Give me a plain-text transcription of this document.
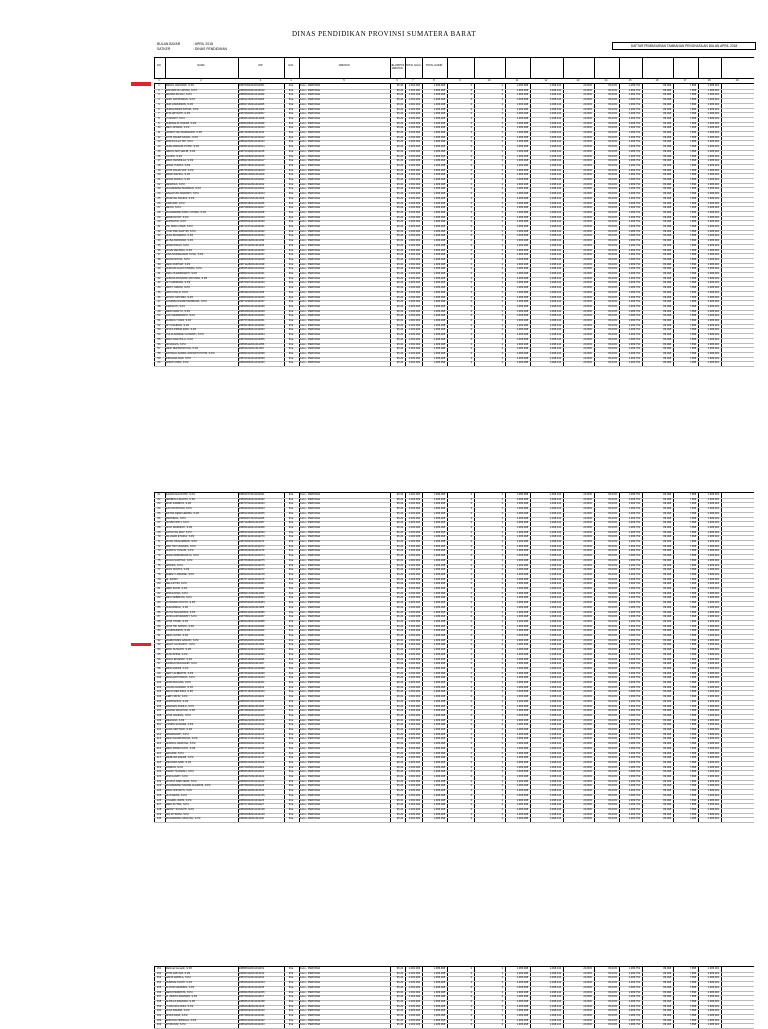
DINAS PENDIDIKAN PROVINSI SUMATERA BARAT
BULAN BAYAR	: APRIL 2018
SATKER	: DINAS PENDIDIKAN
DAFTAR PEMBAYARAN TAMBAHAN PENGHASILAN BULAN APRIL 2018
NO	NAMA	NIP	GOL	JABATAN	KELOMPOK JABATAN
TOTAL NILAI	TOTAL HADIR
1	2	3	4	5	6	7	8	9	10	11	12	13	14	15	16	17	18	19
1	RIDHO HAFFINDI, S.Pd	198703042010011001	III/a	Guru - PERTAMA	95,40	1.000.000	1.386.998	0	0	1.386.998	1.098.134	20,00%	80,10%	1.386.751	89.098	7.858	1.386.901
2	RAFIDATUL HASNA, S.Pd	198904032011012012	III/a	Guru - PERTAMA	95,40	1.000.000	1.386.998	0	0	1.386.998	1.098.134	20,00%	80,10%	1.386.751	89.098	7.858	1.386.901
3	WANDA ROOLY, S.Pd	198806202011011003	III/a	Guru - PERTAMA	95,40	1.000.000	1.386.998	0	0	1.386.998	1.098.134	20,00%	80,10%	1.386.751	89.098	7.858	1.386.901
4	ANDI SATRIAWAN, S.Pd	198812102011011004	III/a	Guru - PERTAMA	95,40	1.000.000	1.386.998	0	0	1.386.998	1.098.134	20,00%	80,10%	1.386.751	89.098	7.858	1.386.901
5	NUR ASMUDDIN, S.Pd	198607152011011005	III/a	Guru - PERTAMA	95,40	1.000.000	1.386.998	0	0	1.386.998	1.098.134	20,00%	80,10%	1.386.751	89.098	7.858	1.386.901
6	NURHANDINI FATMA, S.Pd	198902112011012006	III/a	Guru - PERTAMA	95,40	1.000.000	1.386.998	0	0	1.386.998	1.098.134	20,00%	80,10%	1.386.751	89.098	7.858	1.386.901
7	RITA ARYANTI, S.Pd	198705202011012007	III/a	Guru - PERTAMA	95,40	1.000.000	1.386.998	0	0	1.386.998	1.098.134	20,00%	80,10%	1.386.751	89.098	7.858	1.386.901
8	YUSNIATI, S.Pd	198601102011012008	III/a	Guru - PERTAMA	95,40	1.000.000	1.386.998	0	0	1.386.998	1.098.134	20,00%	80,10%	1.386.751	89.098	7.858	1.386.901
9	NURWALIS OSKAR, S.Pd	198803082011011009	III/a	Guru - PERTAMA	95,40	1.000.000	1.386.998	0	0	1.386.998	1.098.134	20,00%	80,10%	1.386.751	89.098	7.858	1.386.901
10	DECI APRIDA, S.Pd	198904212011012010	III/a	Guru - PERTAMA	95,40	1.000.000	1.386.998	0	0	1.386.998	1.098.134	20,00%	80,10%	1.386.751	89.098	7.858	1.386.901
11	UMMAYYAH RAMADANI, S.Pd	198711052011012011	III/a	Guru - PERTAMA	95,40	1.000.000	1.386.998	0	0	1.386.998	1.098.134	20,00%	80,10%	1.386.751	89.098	7.858	1.386.901
12	FITRI RAHMI FAIZAL, S.Pd	198608172011012012	III/a	Guru - PERTAMA	95,40	1.000.000	1.386.998	0	0	1.386.998	1.098.134	20,00%	80,10%	1.386.751	89.098	7.858	1.386.901
13	RISKA LILLA TRI, S.Pd	198812252011012013	III/a	Guru - PERTAMA	95,40	1.000.000	1.386.998	0	0	1.386.998	1.098.134	20,00%	80,10%	1.386.751	89.098	7.858	1.386.901
14	NURLIANDARI PUTRI, S.Pd	198906142011012014	III/a	Guru - PERTAMA	95,40	1.000.000	1.386.998	0	0	1.386.998	1.098.134	20,00%	80,10%	1.386.751	89.098	7.858	1.386.901
15	ABDUL MUTHALIB, S.Pd	198703192011011015	III/a	Guru - PERTAMA	95,40	1.000.000	1.386.998	0	0	1.386.998	1.098.134	20,00%	80,10%	1.386.751	89.098	7.858	1.386.901
16	TAUFIK, S.Pd	198610082011011016	III/a	Guru - PERTAMA	95,40	1.000.000	1.386.998	0	0	1.386.998	1.098.134	20,00%	80,10%	1.386.751	89.098	7.858	1.386.901
17	MIRA ISANDILLA, S.Pd	198802162011012017	III/a	Guru - PERTAMA	95,40	1.000.000	1.386.998	0	0	1.386.998	1.098.134	20,00%	80,10%	1.386.751	89.098	7.858	1.386.901
18	WIDIA YUNITA, S.Pd	198907282011012018	III/a	Guru - PERTAMA	95,40	1.000.000	1.386.998	0	0	1.386.998	1.098.134	20,00%	80,10%	1.386.751	89.098	7.858	1.386.901
19	FITRI RAHAYUNI, S.Pd	198705302011012019	III/a	Guru - PERTAMA	95,40	1.000.000	1.386.998	0	0	1.386.998	1.098.134	20,00%	80,10%	1.386.751	89.098	7.858	1.386.901
20	RINDI RAFIKA, S.Pd	198601152011012020	III/a	Guru - PERTAMA	95,40	1.000.000	1.386.998	0	0	1.386.998	1.098.134	20,00%	80,10%	1.386.751	89.098	7.858	1.386.901
21	WIDIA FADILA, S.Pd	198809042011012021	III/a	Guru - PERTAMA	95,40	1.000.000	1.386.998	0	0	1.386.998	1.098.134	20,00%	80,10%	1.386.751	89.098	7.858	1.386.901
22	DESRICA, S.Pd	198910112011012022	III/a	Guru - PERTAMA	95,40	1.000.000	1.386.998	0	0	1.386.998	1.098.134	20,00%	80,10%	1.386.751	89.098	7.858	1.386.901
23	MUHAMMAD MARWAN, S.Pd	198702222011011023	III/a	Guru - PERTAMA	95,40	1.000.000	1.386.998	0	0	1.386.998	1.098.134	20,00%	80,10%	1.386.751	89.098	7.858	1.386.901
24	RAHAYUNI ANWARTI, S.Pd	198606262011012024	III/a	Guru - PERTAMA	95,40	1.000.000	1.386.998	0	0	1.386.998	1.098.134	20,00%	80,10%	1.386.751	89.098	7.858	1.386.901
25	MAISYAH RAUDA, S.Pd	198811072011012025	III/a	Guru - PERTAMA	95,40	1.000.000	1.386.998	0	0	1.386.998	1.098.134	20,00%	80,10%	1.386.751	89.098	7.858	1.386.901
26	ASRANDI, S.Pd	198904182011011026	III/a	Guru - PERTAMA	95,40	1.000.000	1.386.998	0	0	1.386.998	1.098.134	20,00%	80,10%	1.386.751	89.098	7.858	1.386.901
27	DEVIA, S.Pd	198708092011012027	III/a	Guru - PERTAMA	95,40	1.000.000	1.386.998	0	0	1.386.998	1.098.134	20,00%	80,10%	1.386.751	89.098	7.858	1.386.901
28	MUHAMMAD FADLI UTAMA, S.Pd	198603132011011028	III/a	Guru - PERTAMA	95,40	1.000.000	1.386.998	0	0	1.386.998	1.098.134	20,00%	80,10%	1.386.751	89.098	7.858	1.386.901
29	ERMIANI NIT, S.Pd	198812012011012029	III/a	Guru - PERTAMA	95,40	1.000.000	1.386.998	0	0	1.386.998	1.098.134	20,00%	80,10%	1.386.751	89.098	7.858	1.386.901
30	SUPRATIN, S.Pd	198905242011012030	III/a	Guru - PERTAMA	95,40	1.000.000	1.386.998	0	0	1.386.998	1.098.134	20,00%	80,10%	1.386.751	89.098	7.858	1.386.901
31	TRI SARI UTAMI, S.Pd	198710172011012031	III/a	Guru - PERTAMA	95,40	1.000.000	1.386.998	0	0	1.386.998	1.098.134	20,00%	80,10%	1.386.751	89.098	7.858	1.386.901
32	YOSI DWI SAFITRI, S.Pd	198602052011012032	III/a	Guru - PERTAMA	95,40	1.000.000	1.386.998	0	0	1.386.998	1.098.134	20,00%	80,10%	1.386.751	89.098	7.858	1.386.901
33	ULFA MUHARDA, S.Pd	198808292011012033	III/a	Guru - PERTAMA	95,40	1.000.000	1.386.998	0	0	1.386.998	1.098.134	20,00%	80,10%	1.386.751	89.098	7.858	1.386.901
34	ELISA ANDRIANI, S.Pd	198901192011012034	III/a	Guru - PERTAMA	95,40	1.000.000	1.386.998	0	0	1.386.998	1.098.134	20,00%	80,10%	1.386.751	89.098	7.858	1.386.901
35	WINDI PAUZI, S.Pd	198704112011011035	III/a	Guru - PERTAMA	95,40	1.000.000	1.386.998	0	0	1.386.998	1.098.134	20,00%	80,10%	1.386.751	89.098	7.858	1.386.901
36	NOVE ZELINDA, S.Pd	198607232011012036	III/a	Guru - PERTAMA	95,40	1.000.000	1.386.998	0	0	1.386.998	1.098.134	20,00%	80,10%	1.386.751	89.098	7.858	1.386.901
37	LISA NURSHAFAR YUSLI, S.Pd	198810142011012037	III/a	Guru - PERTAMA	95,40	1.000.000	1.386.998	0	0	1.386.998	1.098.134	20,00%	80,10%	1.386.751	89.098	7.858	1.386.901
38	DIANA NOVIA, S.Pd	198903062011012038	III/a	Guru - PERTAMA	95,40	1.000.000	1.386.998	0	0	1.386.998	1.098.134	20,00%	80,10%	1.386.751	89.098	7.858	1.386.901
39	DESI PARTIWI, S.Pd	198711282011012039	III/a	Guru - PERTAMA	95,40	1.000.000	1.386.998	0	0	1.386.998	1.098.134	20,00%	80,10%	1.386.751	89.098	7.858	1.386.901
40	SURIADI ALDO KINDRA, S.Pd	198605192011011040	III/a	Guru - PERTAMA	95,40	1.000.000	1.386.998	0	0	1.386.998	1.098.134	20,00%	80,10%	1.386.751	89.098	7.858	1.386.901
41	DWI LIS ERMAWATI, S.Pd	198809122011012041	III/a	Guru - PERTAMA	95,40	1.000.000	1.386.998	0	0	1.386.998	1.098.134	20,00%	80,10%	1.386.751	89.098	7.858	1.386.901
42	ANNISA ROSANDI MATURIA, S.Pd	198902272011012042	III/a	Guru - PERTAMA	95,40	1.000.000	1.386.998	0	0	1.386.998	1.098.134	20,00%	80,10%	1.386.751	89.098	7.858	1.386.901
43	SITI AMIRNAH, S.Pd	198706072011012043	III/a	Guru - PERTAMA	95,40	1.000.000	1.386.998	0	0	1.386.998	1.098.134	20,00%	80,10%	1.386.751	89.098	7.858	1.386.901
44	RIZKY ARIANI, S.Pd	198601242011012044	III/a	Guru - PERTAMA	95,40	1.000.000	1.386.998	0	0	1.386.998	1.098.134	20,00%	80,10%	1.386.751	89.098	7.858	1.386.901
45	NIPA KOLLA, S.Pd	198811162011012045	III/a	Guru - PERTAMA	95,40	1.000.000	1.386.998	0	0	1.386.998	1.098.134	20,00%	80,10%	1.386.751	89.098	7.858	1.386.901
46	WINNY ARYSMA, S.Pd	198904092011012046	III/a	Guru - PERTAMA	95,40	1.000.000	1.386.998	0	0	1.386.998	1.098.134	20,00%	80,10%	1.386.751	89.098	7.858	1.386.901
47	JUSMIZA RAHMI PERMANA, S.Pd	198712302011012047	III/a	Guru - PERTAMA	95,40	1.000.000	1.386.998	0	0	1.386.998	1.098.134	20,00%	80,10%	1.386.751	89.098	7.858	1.386.901
48	ASRIANTI, S.Pd	198608212011012048	III/a	Guru - PERTAMA	95,40	1.000.000	1.386.998	0	0	1.386.998	1.098.134	20,00%	80,10%	1.386.751	89.098	7.858	1.386.901
49	DEWI WAHYU, S.Pd	198810032011012049	III/a	Guru - PERTAMA	95,40	1.000.000	1.386.998	0	0	1.386.998	1.098.134	20,00%	80,10%	1.386.751	89.098	7.858	1.386.901
50	ZAKI HERMAWATI, S.Pd	198905152011012050	III/a	Guru - PERTAMA	95,40	1.000.000	1.386.998	0	0	1.386.998	1.098.134	20,00%	80,10%	1.386.751	89.098	7.858	1.386.901
51	RUSDIA YUANI, S.Pd	198707262011012051	III/a	Guru - PERTAMA	95,40	1.000.000	1.386.998	0	0	1.386.998	1.098.134	20,00%	80,10%	1.386.751	89.098	7.858	1.386.901
52	SITI ZAHRAH, S.Pd	198602182011012052	III/a	Guru - PERTAMA	95,40	1.000.000	1.386.998	0	0	1.386.998	1.098.134	20,00%	80,10%	1.386.751	89.098	7.858	1.386.901
53	SISKA PRIMA DANI, S.Pd	198812082011012053	III/a	Guru - PERTAMA	95,40	1.000.000	1.386.998	0	0	1.386.998	1.098.134	20,00%	80,10%	1.386.751	89.098	7.858	1.386.901
54	YULIA FARDAH SUSANTI, S.Pd	198903292011012054	III/a	Guru - PERTAMA	95,40	1.000.000	1.386.998	0	0	1.386.998	1.098.134	20,00%	80,10%	1.386.751	89.098	7.858	1.386.901
55	RINA DAHVIOLA, S.Pd	198709202011012055	III/a	Guru - PERTAMA	95,40	1.000.000	1.386.998	0	0	1.386.998	1.098.134	20,00%	80,10%	1.386.751	89.098	7.858	1.386.901
56	NOVALIZA, S.Pd	198606112011012056	III/a	Guru - PERTAMA	95,40	1.000.000	1.386.998	0	0	1.386.998	1.098.134	20,00%	80,10%	1.386.751	89.098	7.858	1.386.901
57	DESI SEPRIANSYAH, S.Pd	198811232011011057	III/a	Guru - PERTAMA	95,40	1.000.000	1.386.998	0	0	1.386.998	1.098.134	20,00%	80,10%	1.386.751	89.098	7.858	1.386.901
58	FATIMAH SARRA JUNIARTI PUTRI, S.Pd	198901022011012058	III/a	Guru - PERTAMA	95,40	1.000.000	1.386.998	0	0	1.386.998	1.098.134	20,00%	80,10%	1.386.751	89.098	7.858	1.386.901
59	INDAHNA NUR, S.Pd	198704142011012059	III/a	Guru - PERTAMA	95,40	1.000.000	1.386.998	0	0	1.386.998	1.098.134	20,00%	80,10%	1.386.751	89.098	7.858	1.386.901
60	ANNIP UMMI, S.Pd	198609062011012060	III/a	Guru - PERTAMA	95,40	1.000.000	1.386.998	0	0	1.386.998	1.098.134	20,00%	80,10%	1.386.751	89.098	7.858	1.386.901
61	ZAHRA MAUDITRI, S.Pd	198810172011012061	III/a	Guru - PERTAMA	95,40	1.000.000	1.386.998	0	0	1.386.998	1.098.134	20,00%	80,10%	1.386.751	89.098	7.858	1.386.901
62	SEMBOLA MANTA, S.Pd	198905092011012062	III/a	Guru - PERTAMA	95,40	1.000.000	1.386.998	0	0	1.386.998	1.098.134	20,00%	80,10%	1.386.751	89.098	7.858	1.386.901
63	ROZI KARMITA, S.Pd	198707012011012063	III/a	Guru - PERTAMA	95,40	1.000.000	1.386.998	0	0	1.386.998	1.098.134	20,00%	80,10%	1.386.751	89.098	7.858	1.386.901
64	ZAKI DURIYANI, S.Pd	198602232011012064	III/a	Guru - PERTAMA	95,40	1.000.000	1.386.998	0	0	1.386.998	1.098.134	20,00%	80,10%	1.386.751	89.098	7.858	1.386.901
65	RATNA DEWI HERMA, S.Pd	198812152011012065	III/a	Guru - PERTAMA	95,40	1.000.000	1.386.998	0	0	1.386.998	1.098.134	20,00%	80,10%	1.386.751	89.098	7.858	1.386.901
66	FERSINAL, S.Pd	198903072011011066	III/a	Guru - PERTAMA	95,40	1.000.000	1.386.998	0	0	1.386.998	1.098.134	20,00%	80,10%	1.386.751	89.098	7.858	1.386.901
67	NOVRIYANTI, S.Pd	198711282011012067	III/a	Guru - PERTAMA	95,40	1.000.000	1.386.998	0	0	1.386.998	1.098.134	20,00%	80,10%	1.386.751	89.098	7.858	1.386.901
68	NOVI MARNIATI, S.Pd	198606192011012068	III/a	Guru - PERTAMA	95,40	1.000.000	1.386.998	0	0	1.386.998	1.098.134	20,00%	80,10%	1.386.751	89.098	7.858	1.386.901
69	FATHIYAH RIAY, S.Pd	198810102011012069	III/a	Guru - PERTAMA	95,40	1.000.000	1.386.998	0	0	1.386.998	1.098.134	20,00%	80,10%	1.386.751	89.098	7.858	1.386.901
70	NILLMAR ETHIKA, S.Pd	198901312011012070	III/a	Guru - PERTAMA	95,40	1.000.000	1.386.998	0	0	1.386.998	1.098.134	20,00%	80,10%	1.386.751	89.098	7.858	1.386.901
71	ROSIL MUHAMMAD, S.Pd	198709222011011071	III/a	Guru - PERTAMA	95,40	1.000.000	1.386.998	0	0	1.386.998	1.098.134	20,00%	80,10%	1.386.751	89.098	7.858	1.386.901
72	RINI TRIYUNANDA, S.Pd	198605142011012072	III/a	Guru - PERTAMA	95,40	1.000.000	1.386.998	0	0	1.386.998	1.098.134	20,00%	80,10%	1.386.751	89.098	7.858	1.386.901
73	SHINTIA YUNASI, S.Pd	198811052011012073	III/a	Guru - PERTAMA	95,40	1.000.000	1.386.998	0	0	1.386.998	1.098.134	20,00%	80,10%	1.386.751	89.098	7.858	1.386.901
74	RIANI ARMAWANSYA, S.Pd	198902262011012074	III/a	Guru - PERTAMA	95,40	1.000.000	1.386.998	0	0	1.386.998	1.098.134	20,00%	80,10%	1.386.751	89.098	7.858	1.386.901
75	MULIA SAFITRA, S.Pd	198708182011012075	III/a	Guru - PERTAMA	95,40	1.000.000	1.386.998	0	0	1.386.998	1.098.134	20,00%	80,10%	1.386.751	89.098	7.858	1.386.901
76	APRIDA, S.Pd	198604092011012076	III/a	Guru - PERTAMA	95,40	1.000.000	1.386.998	0	0	1.386.998	1.098.134	20,00%	80,10%	1.386.751	89.098	7.858	1.386.901
77	RIAN NOVITA, S.Pd	198812302011012077	III/a	Guru - PERTAMA	95,40	1.000.000	1.386.998	0	0	1.386.998	1.098.134	20,00%	80,10%	1.386.751	89.098	7.858	1.386.901
78	RHENY LINDANE, S.Pd	198903212011012078	III/a	Guru - PERTAMA	95,40	1.000.000	1.386.998	0	0	1.386.998	1.098.134	20,00%	80,10%	1.386.751	89.098	7.858	1.386.901
79	Hj. ZAINO	198707132011011079	III/a	Guru - PERTAMA	95,40	1.000.000	1.386.998	0	0	1.386.998	1.098.134	20,00%	80,10%	1.386.751	89.098	7.858	1.386.901
80	SELA FITRI, S.Pd	198606042011012080	III/a	Guru - PERTAMA	95,40	1.000.000	1.386.998	0	0	1.386.998	1.098.134	20,00%	80,10%	1.386.751	89.098	7.858	1.386.901
81	DEDI FAUZI, S.Pd	198810262011011081	III/a	Guru - PERTAMA	95,40	1.000.000	1.386.998	0	0	1.386.998	1.098.134	20,00%	80,10%	1.386.751	89.098	7.858	1.386.901
82	RISKA DINA, S.Pd	198901172011012082	III/a	Guru - PERTAMA	95,40	1.000.000	1.386.998	0	0	1.386.998	1.098.134	20,00%	80,10%	1.386.751	89.098	7.858	1.386.901
83	DEVI FEBRIANI, S.Pd	198709082011012083	III/a	Guru - PERTAMA	95,40	1.000.000	1.386.998	0	0	1.386.998	1.098.134	20,00%	80,10%	1.386.751	89.098	7.858	1.386.901
84	KUSWARI NOVITA, S.Pd	198605302011012084	III/a	Guru - PERTAMA	95,40	1.000.000	1.386.998	0	0	1.386.998	1.098.134	20,00%	80,10%	1.386.751	89.098	7.858	1.386.901
85	SUHARMALI, S.Pd	198811212011011085	III/a	Guru - PERTAMA	95,40	1.000.000	1.386.998	0	0	1.386.998	1.098.134	20,00%	80,10%	1.386.751	89.098	7.858	1.386.901
86	RUTH ANGGRIANI, S.Pd	198902122011012086	III/a	Guru - PERTAMA	95,40	1.000.000	1.386.998	0	0	1.386.998	1.098.134	20,00%	80,10%	1.386.751	89.098	7.858	1.386.901
87	NOFIA AFFIDAWATI, S.Pd	198708042011012087	III/a	Guru - PERTAMA	95,40	1.000.000	1.386.998	0	0	1.386.998	1.098.134	20,00%	80,10%	1.386.751	89.098	7.858	1.386.901
88	FITRI UTAMI, S.Pd	198604252011012088	III/a	Guru - PERTAMA	95,40	1.000.000	1.386.998	0	0	1.386.998	1.098.134	20,00%	80,10%	1.386.751	89.098	7.858	1.386.901
89	NOVI TRI SATRIA, S.Pd	198812162011011089	III/a	Guru - PERTAMA	95,40	1.000.000	1.386.998	0	0	1.386.998	1.098.134	20,00%	80,10%	1.386.751	89.098	7.858	1.386.901
90	SYAMSUDDIN, S.Pd	198903082011011090	III/a	Guru - PERTAMA	95,40	1.000.000	1.386.998	0	0	1.386.998	1.098.134	20,00%	80,10%	1.386.751	89.098	7.858	1.386.901
91	DESI LATIFA, S.Pd	198707292011012091	III/a	Guru - PERTAMA	95,40	1.000.000	1.386.998	0	0	1.386.998	1.098.134	20,00%	80,10%	1.386.751	89.098	7.858	1.386.901
92	MARDOMES HANAFI, S.Pd	198606202011011092	III/a	Guru - PERTAMA	95,40	1.000.000	1.386.998	0	0	1.386.998	1.098.134	20,00%	80,10%	1.386.751	89.098	7.858	1.386.901
93	WALIT ALOKAR P., S.Pd	198810112011011093	III/a	Guru - PERTAMA	95,40	1.000.000	1.386.998	0	0	1.386.998	1.098.134	20,00%	80,10%	1.386.751	89.098	7.858	1.386.901
94	ERNI SUSANTI, S.Pd	198901022011012094	III/a	Guru - PERTAMA	95,40	1.000.000	1.386.998	0	0	1.386.998	1.098.134	20,00%	80,10%	1.386.751	89.098	7.858	1.386.901
95	SUSI APRIA, S.Pd	198709242011012095	III/a	Guru - PERTAMA	95,40	1.000.000	1.386.998	0	0	1.386.998	1.098.134	20,00%	80,10%	1.386.751	89.098	7.858	1.386.901
96	RIZAL EFFENDI, S.Pd	198605152011011096	III/a	Guru - PERTAMA	95,40	1.000.000	1.386.998	0	0	1.386.998	1.098.134	20,00%	80,10%	1.386.751	89.098	7.858	1.386.901
97	ZAIMAN MUKHANIF, S.Pd	198811062011011097	III/a	Guru - PERTAMA	95,40	1.000.000	1.386.998	0	0	1.386.998	1.098.134	20,00%	80,10%	1.386.751	89.098	7.858	1.386.901
98	RESI ANDINI, S.Pd	198902282011012098	III/a	Guru - PERTAMA	95,40	1.000.000	1.386.998	0	0	1.386.998	1.098.134	20,00%	80,10%	1.386.751	89.098	7.858	1.386.901
99	NENY ALBERTIN, S.Pd	198708192011012099	III/a	Guru - PERTAMA	95,40	1.000.000	1.386.998	0	0	1.386.998	1.098.134	20,00%	80,10%	1.386.751	89.098	7.858	1.386.901
100	ZENA ERTOWATA, S.Pd	198604102011012100	III/a	Guru - PERTAMA	95,40	1.000.000	1.386.998	0	0	1.386.998	1.098.134	20,00%	80,10%	1.386.751	89.098	7.858	1.386.901
101	WIRA MILIANA, S.Pd	198812012011012101	III/a	Guru - PERTAMA	95,40	1.000.000	1.386.998	0	0	1.386.998	1.098.134	20,00%	80,10%	1.386.751	89.098	7.858	1.386.901
102	UJANG HARIADI, S.Pd	198903232011011102	III/a	Guru - PERTAMA	95,40	1.000.000	1.386.998	0	0	1.386.998	1.098.134	20,00%	80,10%	1.386.751	89.098	7.858	1.386.901
103	SELVI MEILINDA, S.Pd	198707142011012103	III/a	Guru - PERTAMA	95,40	1.000.000	1.386.998	0	0	1.386.998	1.098.134	20,00%	80,10%	1.386.751	89.098	7.858	1.386.901
104	GEBY RIFKI, S.Pd	198606052011011104	III/a	Guru - PERTAMA	95,40	1.000.000	1.386.998	0	0	1.386.998	1.098.134	20,00%	80,10%	1.386.751	89.098	7.858	1.386.901
105	ANDRIANUS, S.Pd	198810272011011105	III/a	Guru - PERTAMA	95,40	1.000.000	1.386.998	0	0	1.386.998	1.098.134	20,00%	80,10%	1.386.751	89.098	7.858	1.386.901
106	RAHMAN FADILA, S.Pd	198901182011011106	III/a	Guru - PERTAMA	95,40	1.000.000	1.386.998	0	0	1.386.998	1.098.134	20,00%	80,10%	1.386.751	89.098	7.858	1.386.901
107	RAHMA WAHYUNI, S.Pd	198709092011012107	III/a	Guru - PERTAMA	95,40	1.000.000	1.386.998	0	0	1.386.998	1.098.134	20,00%	80,10%	1.386.751	89.098	7.858	1.386.901
108	FITRI HANDAL, S.Pd	198605312011012108	III/a	Guru - PERTAMA	95,40	1.000.000	1.386.998	0	0	1.386.998	1.098.134	20,00%	80,10%	1.386.751	89.098	7.858	1.386.901
109	MELIANA, S.Pd	198811222011012109	III/a	Guru - PERTAMA	95,40	1.000.000	1.386.998	0	0	1.386.998	1.098.134	20,00%	80,10%	1.386.751	89.098	7.858	1.386.901
110	YASIPA SUHAIMI, S.Pd	198902132011012110	III/a	Guru - PERTAMA	95,40	1.000.000	1.386.998	0	0	1.386.998	1.098.134	20,00%	80,10%	1.386.751	89.098	7.858	1.386.901
111	FARA SEPTIANI, S.Pd	198708052011012111	III/a	Guru - PERTAMA	95,40	1.000.000	1.386.998	0	0	1.386.998	1.098.134	20,00%	80,10%	1.386.751	89.098	7.858	1.386.901
112	ARMANWATI, S.Pd	198604262011012112	III/a	Guru - PERTAMA	95,40	1.000.000	1.386.998	0	0	1.386.998	1.098.134	20,00%	80,10%	1.386.751	89.098	7.858	1.386.901
113	DESI KHAIRUNNISA, S.Pd	198812172011012113	III/a	Guru - PERTAMA	95,40	1.000.000	1.386.998	0	0	1.386.998	1.098.134	20,00%	80,10%	1.386.751	89.098	7.858	1.386.901
114	HUSNUL HIDAYAH, S.Pd	198903092011012114	III/a	Guru - PERTAMA	95,40	1.000.000	1.386.998	0	0	1.386.998	1.098.134	20,00%	80,10%	1.386.751	89.098	7.858	1.386.901
115	RENI PRIMAYANTI, S.Pd	198707302011012115	III/a	Guru - PERTAMA	95,40	1.000.000	1.386.998	0	0	1.386.998	1.098.134	20,00%	80,10%	1.386.751	89.098	7.858	1.386.901
116	ARIADNI, S.Pd	198606212011012116	III/a	Guru - PERTAMA	95,40	1.000.000	1.386.998	0	0	1.386.998	1.098.134	20,00%	80,10%	1.386.751	89.098	7.858	1.386.901
117	MERLINA RAHMI, S.Pd	198810122011012117	III/a	Guru - PERTAMA	95,40	1.000.000	1.386.998	0	0	1.386.998	1.098.134	20,00%	80,10%	1.386.751	89.098	7.858	1.386.901
118	MELINDA SARI, S.Pd	198901032011012118	III/a	Guru - PERTAMA	95,40	1.000.000	1.386.998	0	0	1.386.998	1.098.134	20,00%	80,10%	1.386.751	89.098	7.858	1.386.901
119	FIRMAN, S.Pd	198709252011011119	III/a	Guru - PERTAMA	95,40	1.000.000	1.386.998	0	0	1.386.998	1.098.134	20,00%	80,10%	1.386.751	89.098	7.858	1.386.901
120	TEDDY NURHALI, S.Pd	198605162011011120	III/a	Guru - PERTAMA	95,40	1.000.000	1.386.998	0	0	1.386.998	1.098.134	20,00%	80,10%	1.386.751	89.098	7.858	1.386.901
121	RISKA WATI, S.Pd	198811072011012121	III/a	Guru - PERTAMA	95,40	1.000.000	1.386.998	0	0	1.386.998	1.098.134	20,00%	80,10%	1.386.751	89.098	7.858	1.386.901
122	NOVITA SARI DEWI, S.Pd	198902012011012122	III/a	Guru - PERTAMA	95,40	1.000.000	1.386.998	0	0	1.386.998	1.098.134	20,00%	80,10%	1.386.751	89.098	7.858	1.386.901
123	MUHAMMAD SAMAN ALFARISI, S.Pd	198708202011011123	III/a	Guru - PERTAMA	95,40	1.000.000	1.386.998	0	0	1.386.998	1.098.134	20,00%	80,10%	1.386.751	89.098	7.858	1.386.901
124	RINA NOFIANTI, S.Pd	198604112011012124	III/a	Guru - PERTAMA	95,40	1.000.000	1.386.998	0	0	1.386.998	1.098.134	20,00%	80,10%	1.386.751	89.098	7.858	1.386.901
125	ULIS RENA, S.Pd	198812022011012125	III/a	Guru - PERTAMA	95,40	1.000.000	1.386.998	0	0	1.386.998	1.098.134	20,00%	80,10%	1.386.751	89.098	7.858	1.386.901
126	SYAHRIL IDRIS, S.Pd	198903242011011126	III/a	Guru - PERTAMA	95,40	1.000.000	1.386.998	0	0	1.386.998	1.098.134	20,00%	80,10%	1.386.751	89.098	7.858	1.386.901
127	DEDI PUTRA, S.Pd	198707152011011127	III/a	Guru - PERTAMA	95,40	1.000.000	1.386.998	0	0	1.386.998	1.098.134	20,00%	80,10%	1.386.751	89.098	7.858	1.386.901
128	HENNY SUSANTI, S.Pd	198606062011012128	III/a	Guru - PERTAMA	95,40	1.000.000	1.386.998	0	0	1.386.998	1.098.134	20,00%	80,10%	1.386.751	89.098	7.858	1.386.901
129	ANI FITRIANI, S.Pd	198810282011012129	III/a	Guru - PERTAMA	95,40	1.000.000	1.386.998	0	0	1.386.998	1.098.134	20,00%	80,10%	1.386.751	89.098	7.858	1.386.901
130	MUHAMMAD HIDAYAH, S.Pd	198901192011011130	III/a	Guru - PERTAMA	95,40	1.000.000	1.386.998	0	0	1.386.998	1.098.134	20,00%	80,10%	1.386.751	89.098	7.858	1.386.901
151	Rahmat Gunardi, S.Pd	198808102011011151	III/a	Guru - PERTAMA	95,40	1.000.000	1.386.998	0	0	1.386.998	1.098.134	20,00%	80,10%	1.386.751	89.098	7.858	1.386.901
152	FITRI ARIYANI, S.Pd	198903112011012152	III/a	Guru - PERTAMA	95,40	1.000.000	1.386.998	0	0	1.386.998	1.098.134	20,00%	80,10%	1.386.751	89.098	7.858	1.386.901
153	HAFIZ ARMILA, S.Pd	198707022011011153	III/a	Guru - PERTAMA	95,40	1.000.000	1.386.998	0	0	1.386.998	1.098.134	20,00%	80,10%	1.386.751	89.098	7.858	1.386.901
154	NURMALIYANTI, S.Pd	198606232011012154	III/a	Guru - PERTAMA	95,40	1.000.000	1.386.998	0	0	1.386.998	1.098.134	20,00%	80,10%	1.386.751	89.098	7.858	1.386.901
155	ALDORI HENDRA, S.Pd	198810142011011155	III/a	Guru - PERTAMA	95,40	1.000.000	1.386.998	0	0	1.386.998	1.098.134	20,00%	80,10%	1.386.751	89.098	7.858	1.386.901
156	DEWI PERMATA, S.Pd	198901052011012156	III/a	Guru - PERTAMA	95,40	1.000.000	1.386.998	0	0	1.386.998	1.098.134	20,00%	80,10%	1.386.751	89.098	7.858	1.386.901
157	M. ZEFITA RAHMAN, S.Pd	198709262011011157	III/a	Guru - PERTAMA	95,40	1.000.000	1.386.998	0	0	1.386.998	1.098.134	20,00%	80,10%	1.386.751	89.098	7.858	1.386.901
158	ALDILLA RAHMAH, S.Pd	198605172011012158	III/a	Guru - PERTAMA	95,40	1.000.000	1.386.998	0	0	1.386.998	1.098.134	20,00%	80,10%	1.386.751	89.098	7.858	1.386.901
159	YUSNI EKA RIZA, S.Pd	198811082011012159	III/a	Guru - PERTAMA	95,40	1.000.000	1.386.998	0	0	1.386.998	1.098.134	20,00%	80,10%	1.386.751	89.098	7.858	1.386.901
160	ULFA RAHMA, S.Pd	198902022011012160	III/a	Guru - PERTAMA	95,40	1.000.000	1.386.998	0	0	1.386.998	1.098.134	20,00%	80,10%	1.386.751	89.098	7.858	1.386.901
161	SISKA DINA, S.Pd	198708212011012161	III/a	Guru - PERTAMA	95,40	1.000.000	1.386.998	0	0	1.386.998	1.098.134	20,00%	80,10%	1.386.751	89.098	7.858	1.386.901
162	ENDANG NIRMALA, S.Pd	198604122011012162	III/a	Guru - PERTAMA	95,40	1.000.000	1.386.998	0	0	1.386.998	1.098.134	20,00%	80,10%	1.386.751	89.098	7.858	1.386.901
163	FITRIASNI, S.Pd	198812032011012163	III/a	Guru - PERTAMA	95,40	1.000.000	1.386.998	0	0	1.386.998	1.098.134	20,00%	80,10%	1.386.751	89.098	7.858	1.386.901
